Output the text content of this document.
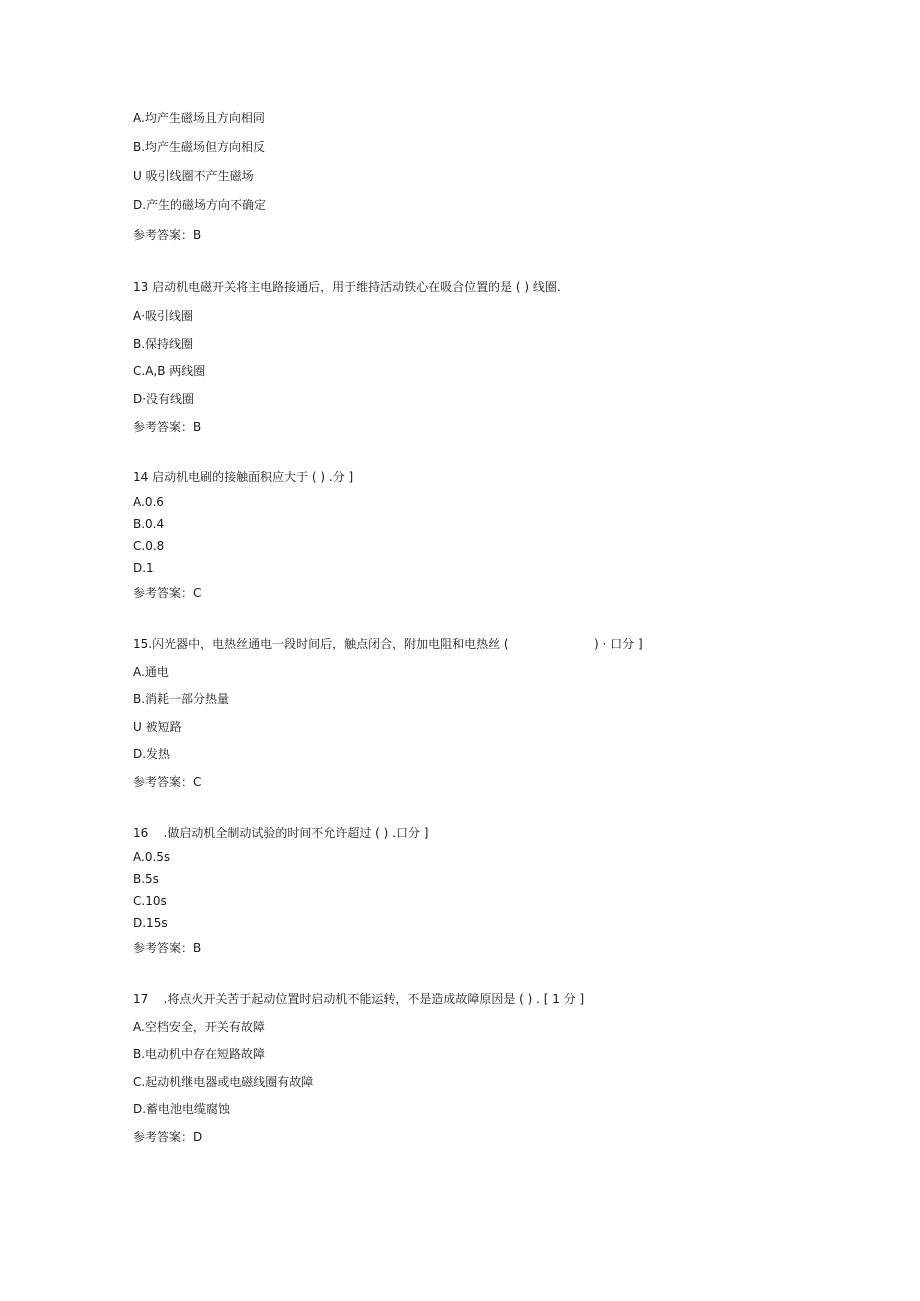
A.均产生磁场且方向相同
B.均产生磁场但方向相反
U 吸引线圈不产生磁场
D.产生的磁场方向不确定
参考答案：B
13 启动机电磁开关将主电路接通后，用于维持活动铁心在吸合位置的是 ( ) 线圈.
A·吸引线圈
B.保持线圈
C.A,B 两线圈
D·没有线圈
参考答案：B
14 启动机电刷的接触面积应大于 ( ) .分 ]
A.0.6
B.0.4
C.0.8
D.1
参考答案：C
15.闪光器中，电热丝通电一段时间后，触点闭合，附加电阻和电热丝 (	) · 口分 ]
A.通电
B.消耗一部分热量
U 被短路
D.发热
参考答案：C
16    .做启动机全制动试验的时间不允许超过 ( ) .口分 ]
A.0.5s
B.5s
C.10s
D.15s
参考答案：B
17    .将点火开关苦于起动位置时启动机不能运转，不是造成故障原因是 ( ) . [ 1 分 ]
A.空档安全，开关有故障
B.电动机中存在短路故障
C.起动机继电器或电磁线圈有故障
D.蓄电池电缆腐蚀
参考答案：D
